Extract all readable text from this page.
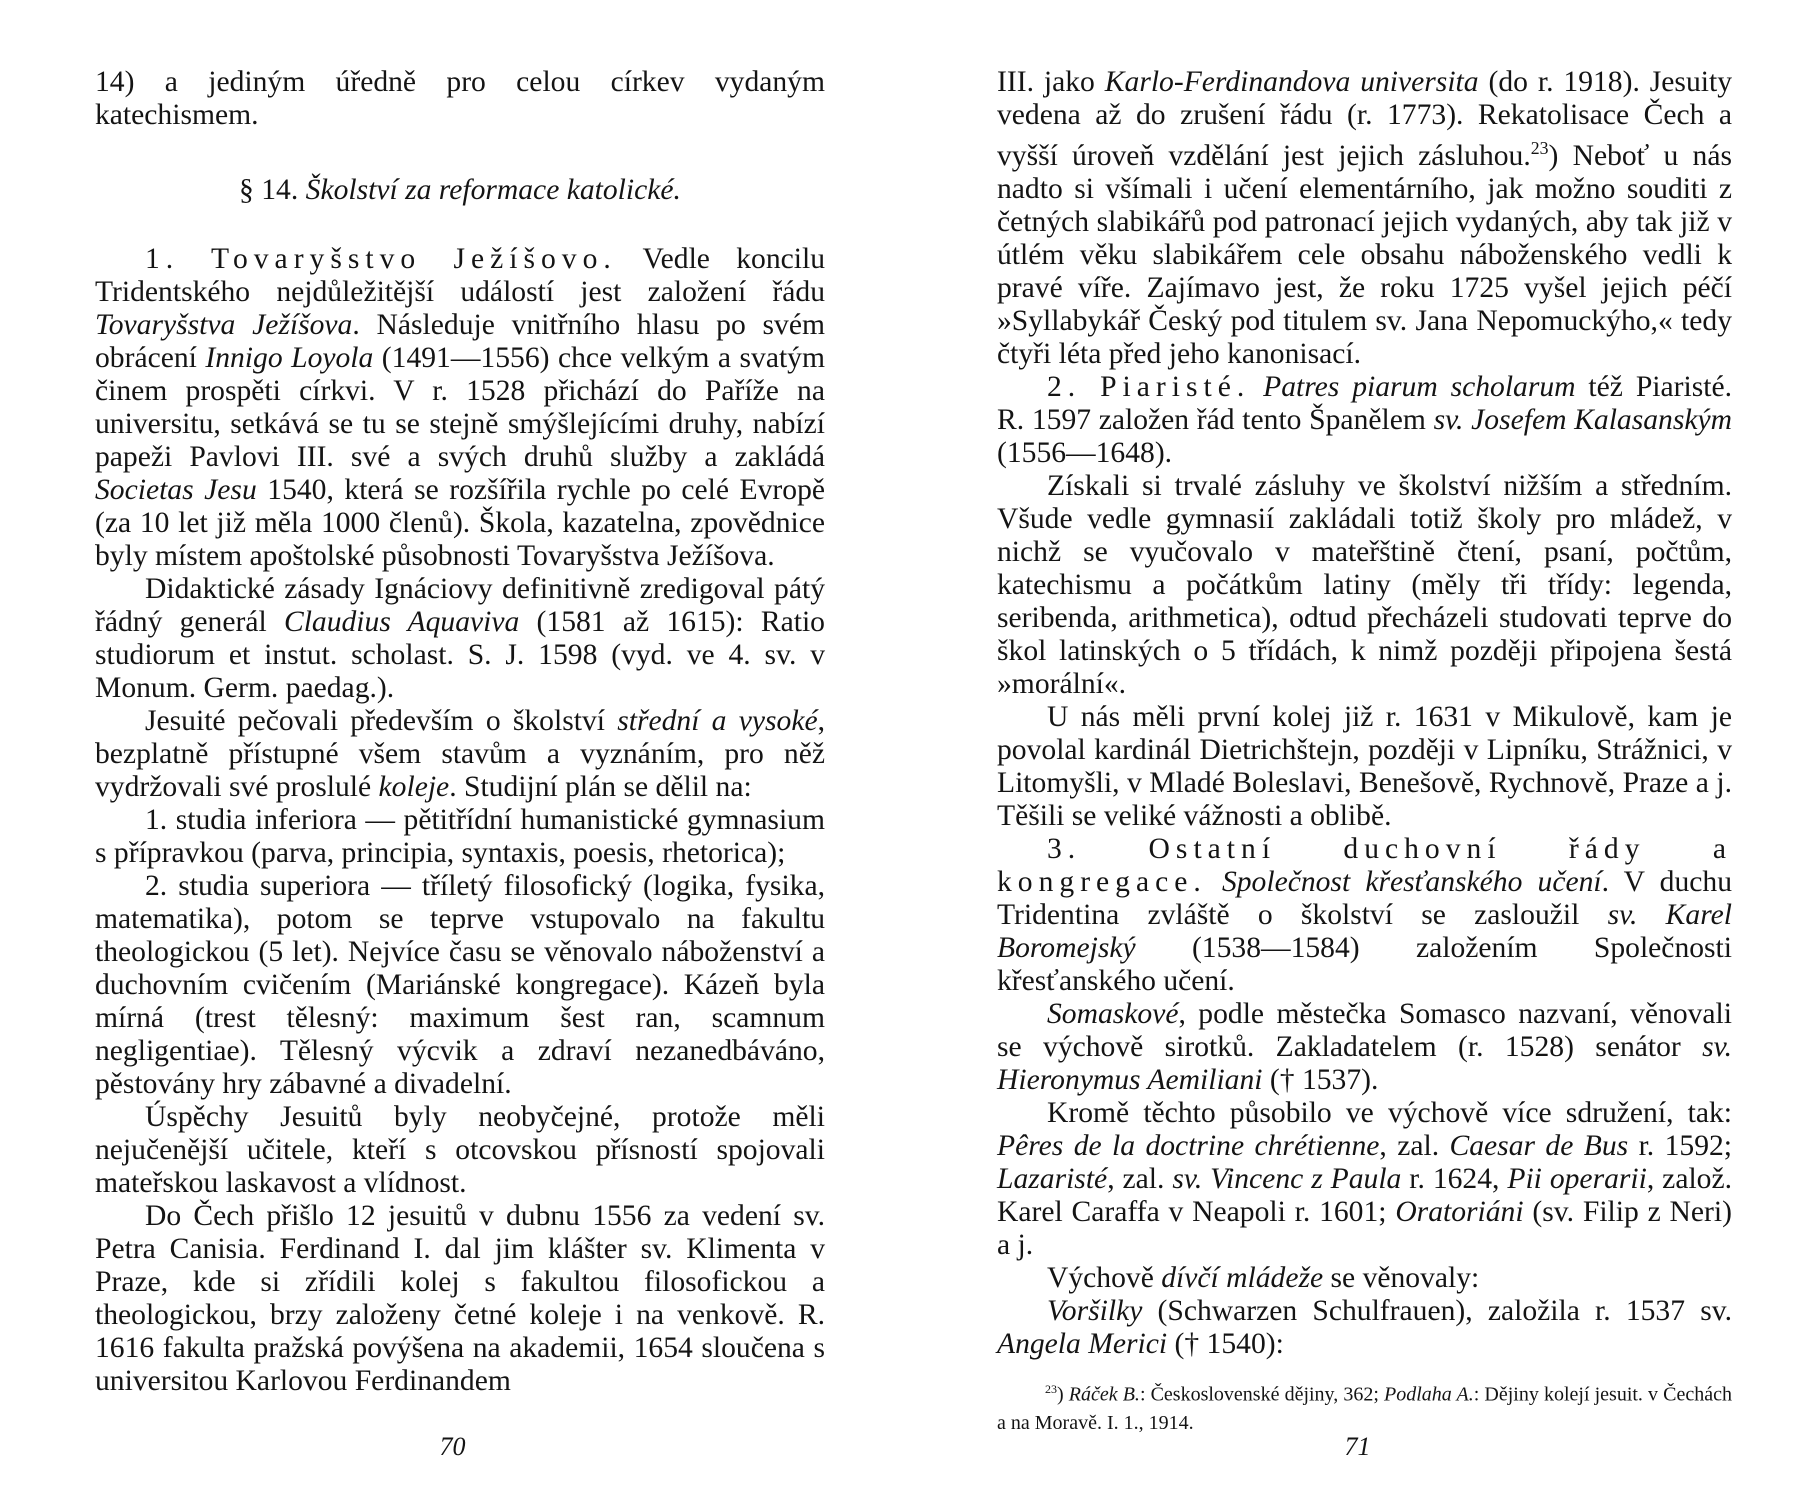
14) a jediným úředně pro celou církev vydaným katechismem.

§ 14. Školství za reformace katolické.

1. Tovaryšstvo Ježíšovo. Vedle koncilu Tridentského nejdůležitější událostí jest založení řádu Tovaryšstva Ježíšova. Následuje vnitřního hlasu po svém obrácení Innigo Loyola (1491—1556) chce velkým a svatým činem prospěti církvi. V r. 1528 přichází do Paříže na universitu, setkává se tu se stejně smýšlejícími druhy, nabízí papeži Pavlovi III. své a svých druhů služby a zakládá Societas Jesu 1540, která se rozšířila rychle po celé Evropě (za 10 let již měla 1000 členů). Škola, kazatelna, zpovědnice byly místem apoštolské působnosti Tovaryšstva Ježíšova.

Didaktické zásady Ignáciovy definitivně zredigoval pátý řádný generál Claudius Aquaviva (1581 až 1615): Ratio studiorum et instut. scholast. S. J. 1598 (vyd. ve 4. sv. v Monum. Germ. paedag.).

Jesuité pečovali především o školství střední a vysoké, bezplatně přístupné všem stavům a vyznáním, pro něž vydržovali své proslulé koleje. Studijní plán se dělil na:

1. studia inferiora — pětitřídní humanistické gymnasium s přípravkou (parva, principia, syntaxis, poesis, rhetorica);

2. studia superiora — tříletý filosofický (logika, fysika, matematika), potom se teprve vstupovalo na fakultu theologickou (5 let). Nejvíce času se věnovalo náboženství a duchovním cvičením (Mariánské kongregace). Kázeň byla mírná (trest tělesný: maximum šest ran, scamnum negligentiae). Tělesný výcvik a zdraví nezanedbáváno, pěstovány hry zábavné a divadelní.

Úspěchy Jesuitů byly neobyčejné, protože měli nejučenější učitele, kteří s otcovskou přísností spojovali mateřskou laskavost a vlídnost.

Do Čech přišlo 12 jesuitů v dubnu 1556 za vedení sv. Petra Canisia. Ferdinand I. dal jim klášter sv. Klimenta v Praze, kde si zřídili kolej s fakultou filosofickou a theologickou, brzy založeny četné koleje i na venkově. R. 1616 fakulta pražská povýšena na akademii, 1654 sloučena s universitou Karlovou Ferdinandem

70

III. jako Karlo-Ferdinandova universita (do r. 1918). Jesuity vedena až do zrušení řádu (r. 1773). Rekatolisace Čech a vyšší úroveň vzdělání jest jejich zásluhou.$^{23}$) Neboť u nás nadto si všímali i učení elementárního, jak možno souditi z četných slabikářů pod patronací jejich vydaných, aby tak již v útlém věku slabikářem cele obsahu náboženského vedli k pravé víře. Zajímavo jest, že roku 1725 vyšel jejich péčí »Syllabykář Český pod titulem sv. Jana Nepomuckýho,« tedy čtyři léta před jeho kanonisací.

2. Piaristé. Patres piarum scholarum též Piaristé. R. 1597 založen řád tento Španělem sv. Josefem Kalasanským (1556—1648).

Získali si trvalé zásluhy ve školství nižším a středním. Všude vedle gymnasií zakládali totiž školy pro mládež, v nichž se vyučovalo v mateřštině čtení, psaní, počtům, katechismu a počátkům latiny (měly tři třídy: legenda, seribenda, arithmetica), odtud přecházeli studovati teprve do škol latinských o 5 třídách, k nimž později připojena šestá »morální«.

U nás měli první kolej již r. 1631 v Mikulově, kam je povolal kardinál Dietrichštejn, později v Lipníku, Strážnici, v Litomyšli, v Mladé Boleslavi, Benešově, Rychnově, Praze a j. Těšili se veliké vážnosti a oblibě.

3. Ostatní duchovní řády a kongregace. Společnost křesťanského učení. V duchu Tridentina zvláště o školství se zasloužil sv. Karel Boromejský (1538—1584) založením Společnosti křesťanského učení.

Somaskové, podle městečka Somasco nazvaní, věnovali se výchově sirotků. Zakladatelem (r. 1528) senátor sv. Hieronymus Aemiliani († 1537).

Kromě těchto působilo ve výchově více sdružení, tak: Pêres de la doctrine chrétienne, zal. Caesar de Bus r. 1592; Lazaristé, zal. sv. Vincenc z Paula r. 1624, Pii operarii, založ. Karel Caraffa v Neapoli r. 1601; Oratoriáni (sv. Filip z Neri) a j.

Výchově dívčí mládeže se věnovaly:

Voršilky (Schwarzen Schulfrauen), založila r. 1537 sv. Angela Merici († 1540):

$^{23}$) Ráček B.: Československé dějiny, 362; Podlaha A.: Dějiny kolejí jesuit. v Čechách a na Moravě. I. 1., 1914.

71
